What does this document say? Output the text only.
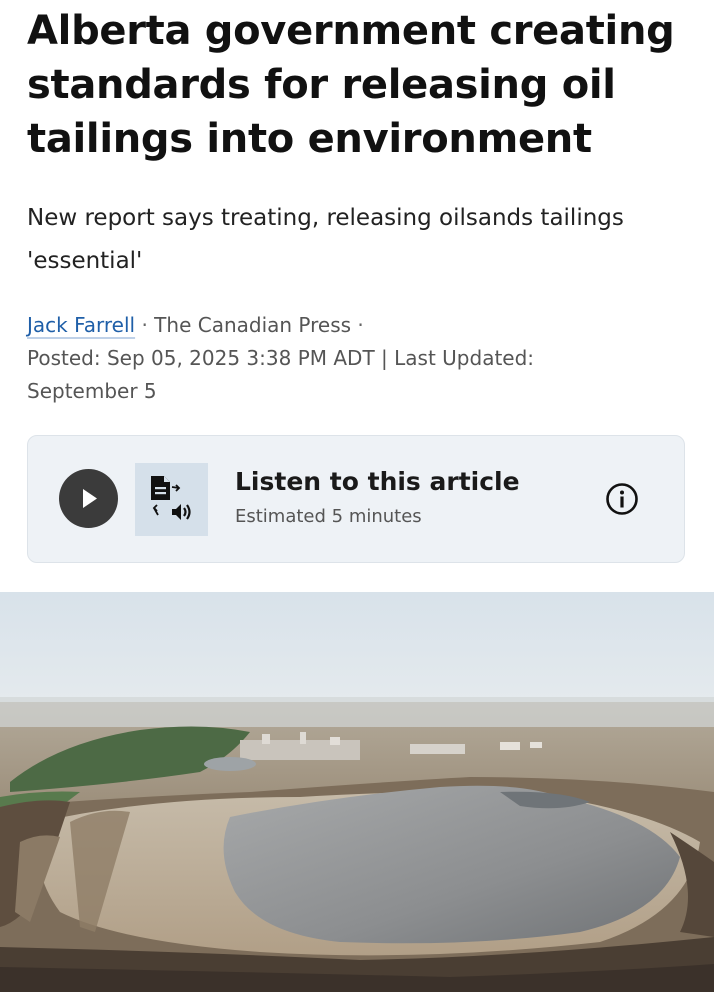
Alberta government creating standards for releasing oil tailings into environment

New report says treating, releasing oilsands tailings 'essential'

Jack Farrell · The Canadian Press ·
Posted: Sep 05, 2025 3:38 PM ADT | Last Updated:
September 5
Listen to this article
Estimated 5 minutes
